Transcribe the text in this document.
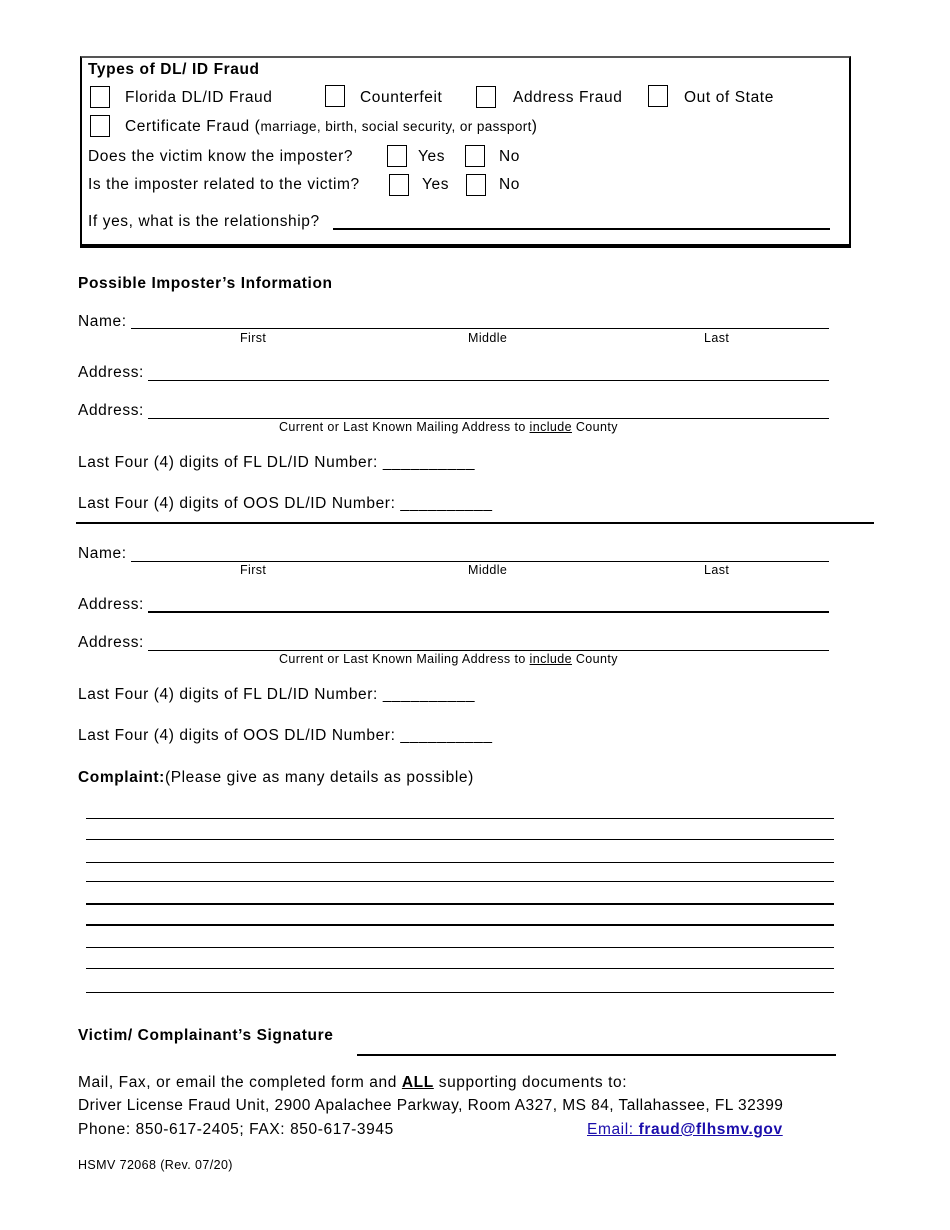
Types of DL/ ID Fraud
Florida DL/ID Fraud	Counterfeit	Address Fraud	Out of State
Certificate Fraud (marriage, birth, social security, or passport)
Does the victim know the imposter?	Yes	No
Is the imposter related to the victim?	Yes	No
If yes, what is the relationship?
Possible Imposter’s Information
Name:
First	Middle	Last
Address:
Address:
Current or Last Known Mailing Address to include County
Last Four (4) digits of FL DL/ID Number: __________
Last Four (4) digits of OOS DL/ID Number: __________
Name:
First	Middle	Last
Address:
Address:
Current or Last Known Mailing Address to include County
Last Four (4) digits of FL DL/ID Number: __________
Last Four (4) digits of OOS DL/ID Number: __________
Complaint:(Please give as many details as possible)
Victim/ Complainant’s Signature
Mail, Fax, or email the completed form and ALL supporting documents to:
Driver License Fraud Unit, 2900 Apalachee Parkway, Room A327, MS 84, Tallahassee, FL 32399
Phone: 850-617-2405; FAX: 850-617-3945	Email: fraud@flhsmv.gov
HSMV 72068 (Rev. 07/20)
